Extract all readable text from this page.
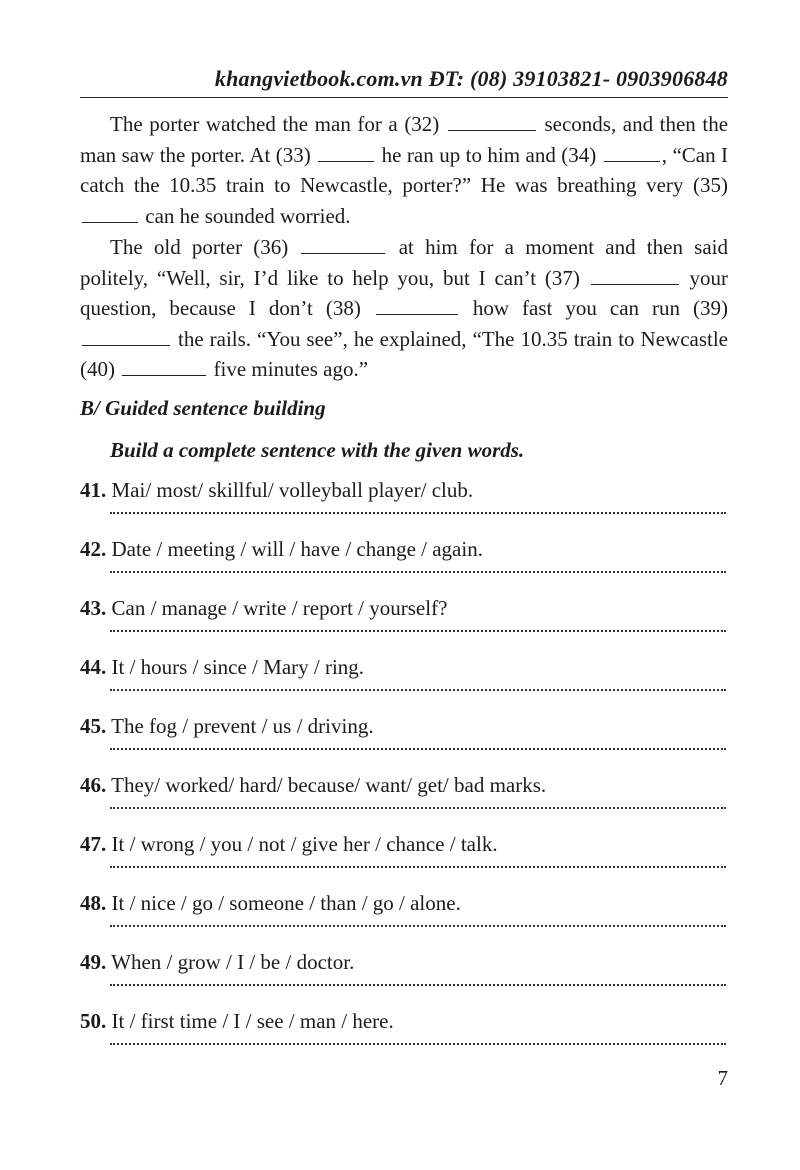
khangvietbook.com.vn ĐT: (08) 39103821- 0903906848

The porter watched the man for a (32)	seconds, and then the man saw the porter. At (33)	he ran up to him and (34)	, “Can I catch the 10.35 train to Newcastle, porter?” He was breathing very (35)  can he sounded worried.

The old porter (36)	at him for a moment and then said politely, “Well, sir, I’d like to help you, but I can’t (37)	your question, because I don’t (38)	how fast you can run (39)  the rails. “You see”, he explained, “The 10.35 train to Newcastle (40)	five minutes ago.”

B/ Guided sentence building
Build a complete sentence with the given words.
41. Mai/ most/ skillful/ volleyball player/ club.
42. Date / meeting / will / have / change / again.
43. Can / manage / write / report / yourself?
44. It / hours / since / Mary / ring.
45. The fog / prevent / us / driving.
46. They/ worked/ hard/ because/ want/ get/ bad marks.
47. It / wrong / you / not / give her / chance / talk.
48. It / nice / go / someone / than / go / alone.
49. When / grow / I / be / doctor.
50. It / first time / I / see / man / here.
7
